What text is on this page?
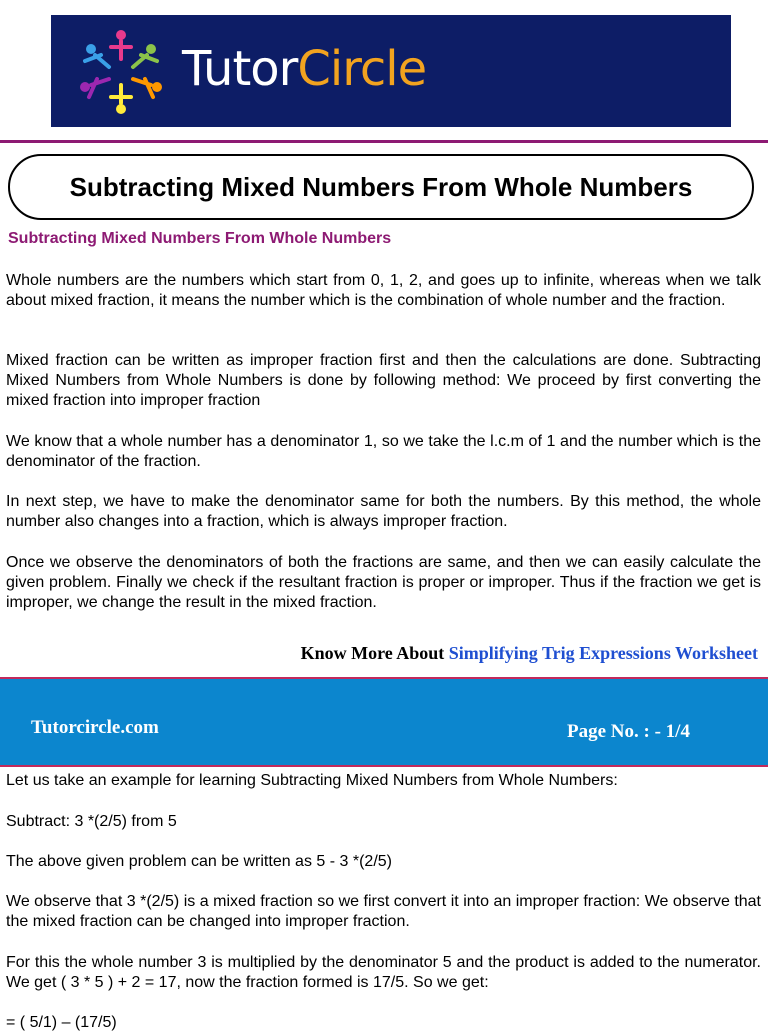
TutorCircle
Subtracting Mixed Numbers From Whole Numbers
Subtracting Mixed Numbers From Whole Numbers
Whole numbers are the numbers which start from 0, 1, 2, and goes up to infinite, whereas when we talk about mixed fraction, it means the number which is the combination of whole number and the fraction.
Mixed fraction can be written as improper fraction first and then the calculations are done. Subtracting Mixed Numbers from Whole Numbers is done by following method: We proceed by first converting the mixed fraction into improper fraction
We know that a whole number has a denominator 1, so we take the l.c.m of 1 and the number which is the denominator of the fraction.
In next step, we have to make the denominator same for both the numbers. By this method, the whole number also changes into a fraction, which is always improper fraction.
Once we observe the denominators of both the fractions are same, and then we can easily calculate the given problem. Finally we check if the resultant fraction is proper or improper. Thus if the fraction we get is improper, we change the result in the mixed fraction.
Know More About Simplifying Trig Expressions Worksheet
Tutorcircle.com	Page No. : - 1/4
Let us take an example for learning Subtracting Mixed Numbers from Whole Numbers:
Subtract: 3 *(2/5) from 5
The above given problem can be written as 5 - 3 *(2/5)
We observe that 3 *(2/5) is a mixed fraction so we first convert it into an improper fraction: We observe that the mixed fraction can be changed into improper fraction.
For this the whole number 3 is multiplied by the denominator 5 and the product is added to the numerator. We get ( 3 * 5 ) + 2 = 17, now the fraction formed is 17/5. So we get:
= ( 5/1) – (17/5)
